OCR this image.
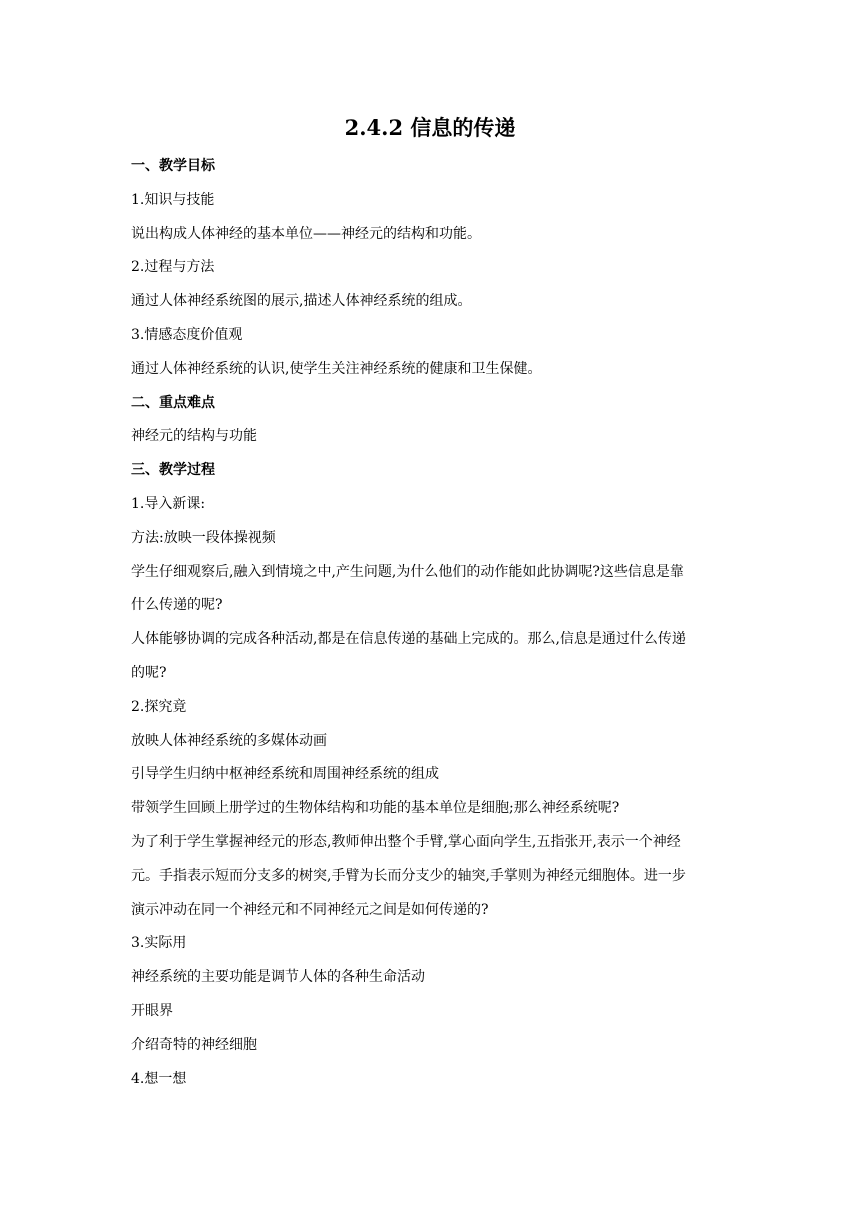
2.4.2 信息的传递
一、教学目标
1.知识与技能
说出构成人体神经的基本单位——神经元的结构和功能。
2.过程与方法
通过人体神经系统图的展示,描述人体神经系统的组成。
3.情感态度价值观
通过人体神经系统的认识,使学生关注神经系统的健康和卫生保健。
二、重点难点
神经元的结构与功能
三、教学过程
1.导入新课:
方法:放映一段体操视频
学生仔细观察后,融入到情境之中,产生问题,为什么他们的动作能如此协调呢?这些信息是靠
什么传递的呢?
人体能够协调的完成各种活动,都是在信息传递的基础上完成的。那么,信息是通过什么传递
的呢?
2.探究竟
放映人体神经系统的多媒体动画
引导学生归纳中枢神经系统和周围神经系统的组成
带领学生回顾上册学过的生物体结构和功能的基本单位是细胞;那么神经系统呢?
为了利于学生掌握神经元的形态,教师伸出整个手臂,掌心面向学生,五指张开,表示一个神经
元。手指表示短而分支多的树突,手臂为长而分支少的轴突,手掌则为神经元细胞体。进一步
演示冲动在同一个神经元和不同神经元之间是如何传递的?
3.实际用
神经系统的主要功能是调节人体的各种生命活动
开眼界
介绍奇特的神经细胞
4.想一想
